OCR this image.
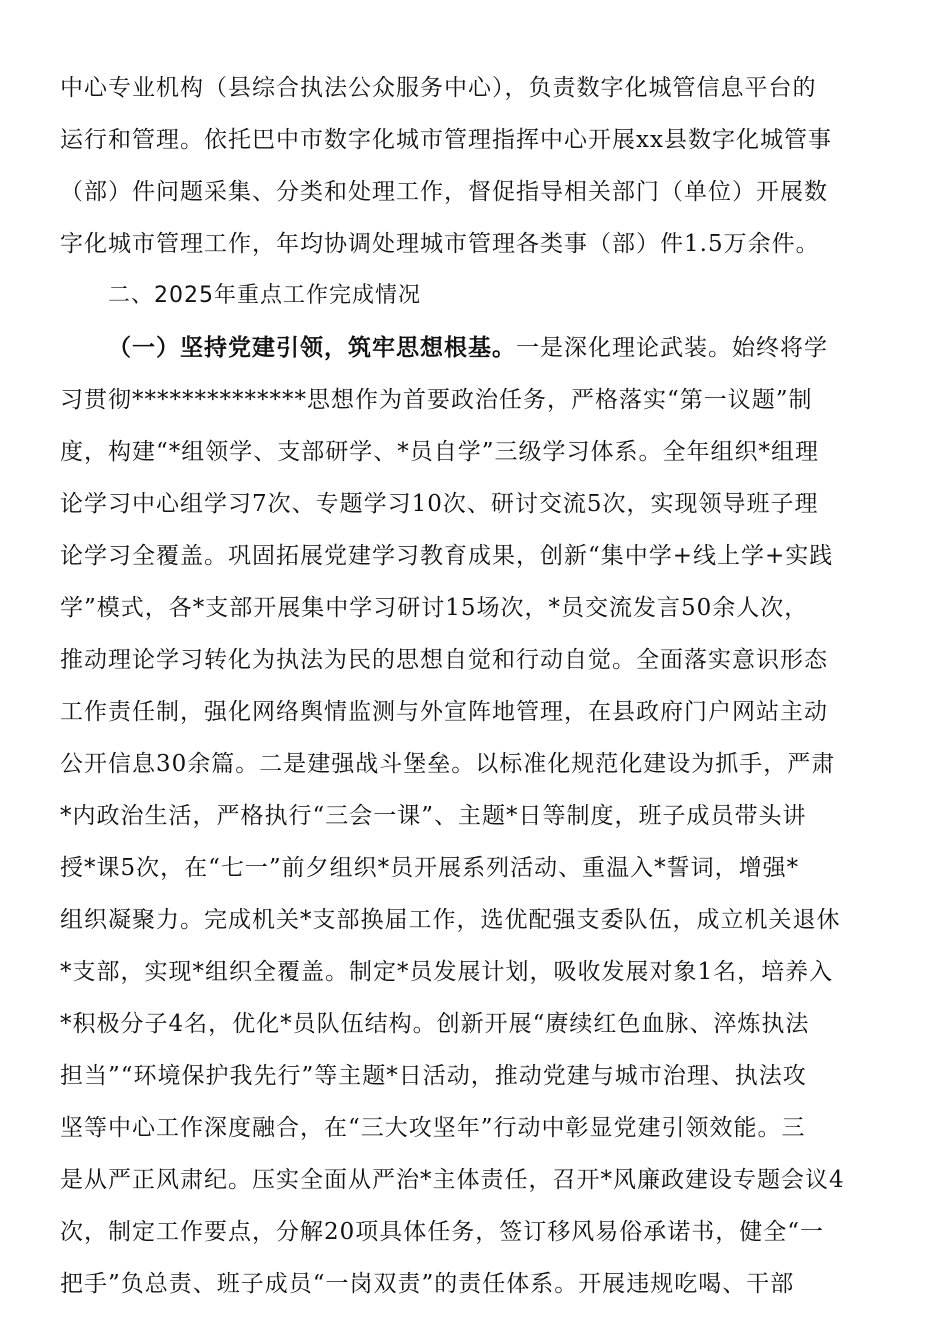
中心专业机构（县综合执法公众服务中心），负责数字化城管信息平台的
运行和管理。依托巴中市数字化城市管理指挥中心开展xx县数字化城管事
（部）件问题采集、分类和处理工作，督促指导相关部门（单位）开展数
字化城市管理工作，年均协调处理城市管理各类事（部）件1.5万余件。
二、2025年重点工作完成情况
（一）坚持党建引领，筑牢思想根基。一是深化理论武装。始终将学
习贯彻**************思想作为首要政治任务，严格落实“第一议题”制
度，构建“*组领学、支部研学、*员自学”三级学习体系。全年组织*组理
论学习中心组学习7次、专题学习10次、研讨交流5次，实现领导班子理
论学习全覆盖。巩固拓展党建学习教育成果，创新“集中学+线上学+实践
学”模式，各*支部开展集中学习研讨15场次，*员交流发言50余人次，
推动理论学习转化为执法为民的思想自觉和行动自觉。全面落实意识形态
工作责任制，强化网络舆情监测与外宣阵地管理，在县政府门户网站主动
公开信息30余篇。二是建强战斗堡垒。以标准化规范化建设为抓手，严肃
*内政治生活，严格执行“三会一课”、主题*日等制度，班子成员带头讲
授*课5次，在“七一”前夕组织*员开展系列活动、重温入*誓词，增强*
组织凝聚力。完成机关*支部换届工作，选优配强支委队伍，成立机关退休
*支部，实现*组织全覆盖。制定*员发展计划，吸收发展对象1名，培养入
*积极分子4名，优化*员队伍结构。创新开展“赓续红色血脉、淬炼执法
担当”“环境保护我先行”等主题*日活动，推动党建与城市治理、执法攻
坚等中心工作深度融合，在“三大攻坚年”行动中彰显党建引领效能。三
是从严正风肃纪。压实全面从严治*主体责任，召开*风廉政建设专题会议4
次，制定工作要点，分解20项具体任务，签订移风易俗承诺书，健全“一
把手”负总责、班子成员“一岗双责”的责任体系。开展违规吃喝、干部
